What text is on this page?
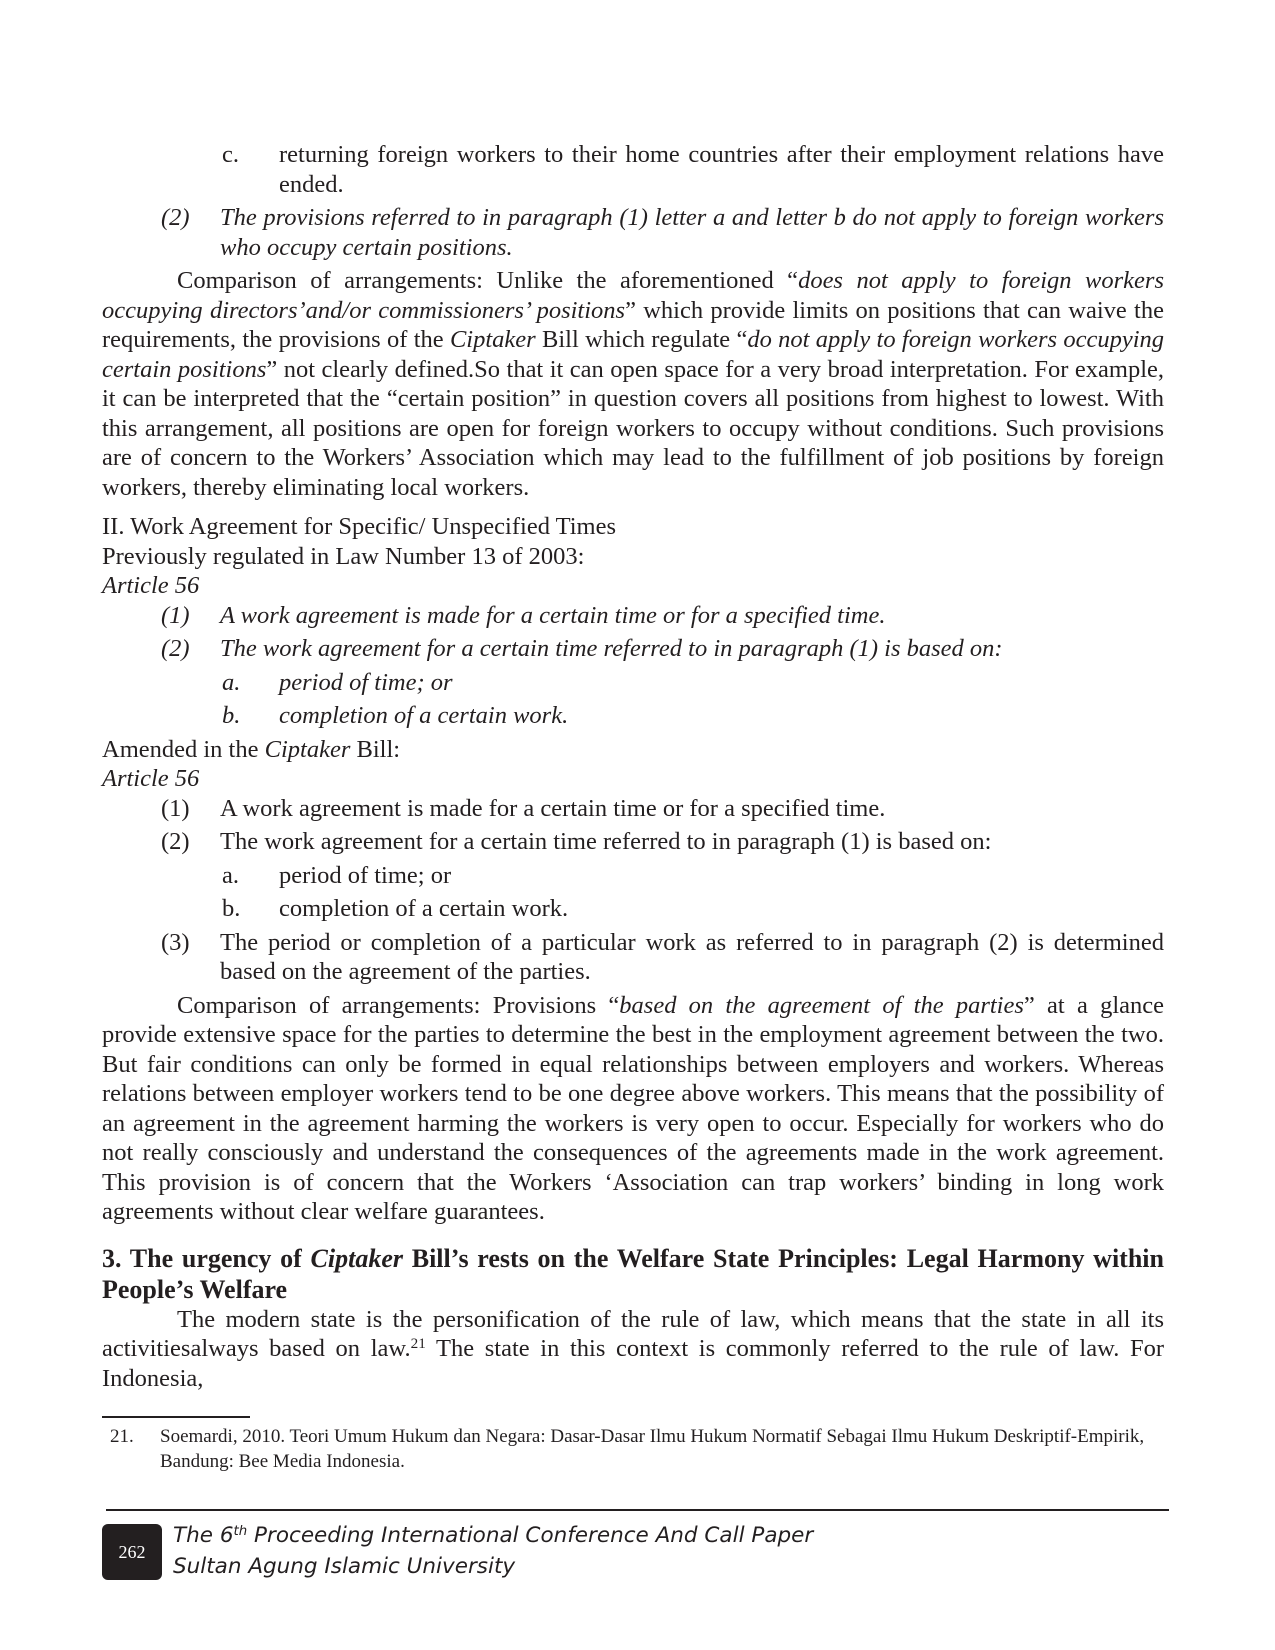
c. returning foreign workers to their home countries after their employment relations have ended.

(2) The provisions referred to in paragraph (1) letter a and letter b do not apply to foreign workers who occupy certain positions.

Comparison of arrangements: Unlike the aforementioned “does not apply to foreign workers occupying directors’and/or commissioners’ positions” which provide limits on positions that can waive the requirements, the provisions of the Ciptaker Bill which regulate “do not apply to foreign workers occupying certain positions” not clearly defined.So that it can open space for a very broad interpretation. For example, it can be interpreted that the “certain position” in question covers all positions from highest to lowest. With this arrangement, all positions are open for foreign workers to occupy without conditions. Such provisions are of concern to the Workers’ Association which may lead to the fulfillment of job positions by foreign workers, thereby eliminating local workers.

II. Work Agreement for Specific/ Unspecified Times

Previously regulated in Law Number 13 of 2003:

Article 56

(1) A work agreement is made for a certain time or for a specified time.

(2) The work agreement for a certain time referred to in paragraph (1) is based on:

a. period of time; or

b. completion of a certain work.

Amended in the Ciptaker Bill:

Article 56

(1) A work agreement is made for a certain time or for a specified time.

(2) The work agreement for a certain time referred to in paragraph (1) is based on:

a. period of time; or

b. completion of a certain work.

(3) The period or completion of a particular work as referred to in paragraph (2) is determined based on the agreement of the parties.

Comparison of arrangements: Provisions “based on the agreement of the parties” at a glance provide extensive space for the parties to determine the best in the employment agreement between the two. But fair conditions can only be formed in equal relationships between employers and workers. Whereas relations between employer workers tend to be one degree above workers. This means that the possibility of an agreement in the agreement harming the workers is very open to occur. Especially for workers who do not really consciously and understand the consequences of the agreements made in the work agreement. This provision is of concern that the Workers ‘Association can trap workers’ binding in long work agreements without clear welfare guarantees.

3. The urgency of Ciptaker Bill’s rests on the Welfare State Principles: Legal Harmony within People’s Welfare

The modern state is the personification of the rule of law, which means that the state in all its activitiesalways based on law.$^{21}$ The state in this context is commonly referred to the rule of law. For Indonesia,

21. Soemardi, 2010. Teori Umum Hukum dan Negara: Dasar-Dasar Ilmu Hukum Normatif Sebagai Ilmu Hukum Deskriptif-Empirik, Bandung: Bee Media Indonesia.
262
The 6th Proceeding International Conference And Call Paper
Sultan Agung Islamic University
